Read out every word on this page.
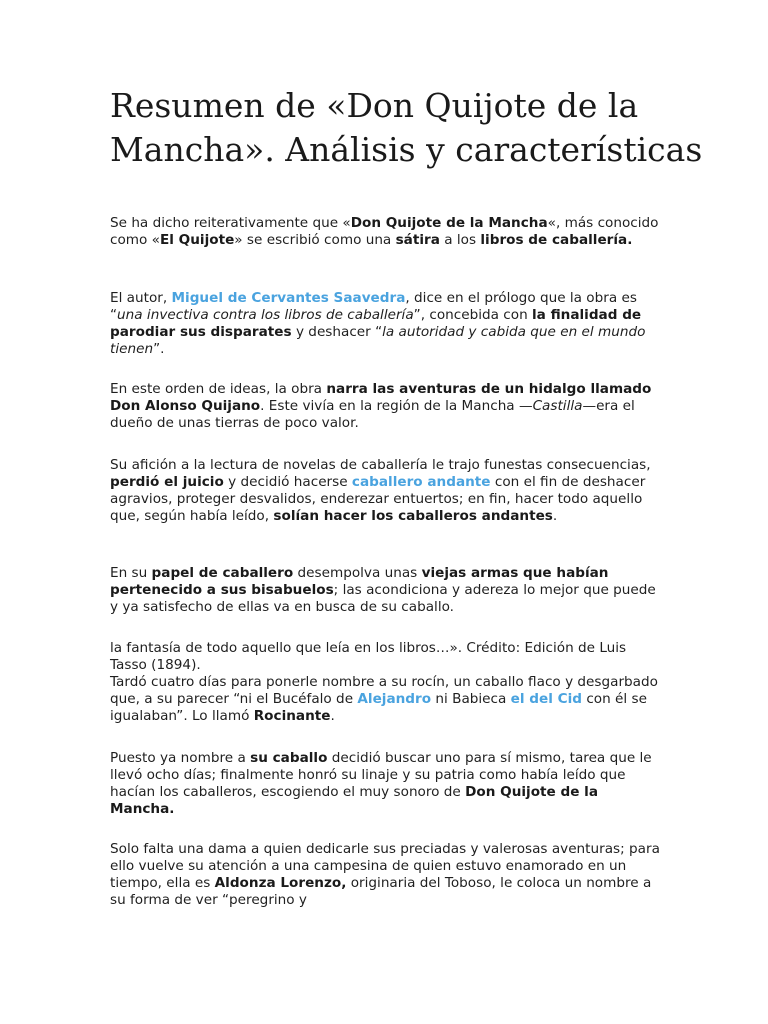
Resumen de «Don Quijote de la Mancha». Análisis y características

Se ha dicho reiterativamente que «Don Quijote de la Mancha«, más conocido como «El Quijote» se escribió como una sátira a los libros de caballería.

El autor, Miguel de Cervantes Saavedra, dice en el prólogo que la obra es “una invectiva contra los libros de caballería”, concebida con la finalidad de parodiar sus disparates y deshacer “la autoridad y cabida que en el mundo tienen”.

En este orden de ideas, la obra narra las aventuras de un hidalgo llamado Don Alonso Quijano. Este vivía en la región de la Mancha —Castilla—era el dueño de unas tierras de poco valor.

Su afición a la lectura de novelas de caballería le trajo funestas consecuencias, perdió el juicio y decidió hacerse caballero andante con el fin de deshacer agravios, proteger desvalidos, enderezar entuertos; en fin, hacer todo aquello que, según había leído, solían hacer los caballeros andantes.

En su papel de caballero desempolva unas viejas armas que habían pertenecido a sus bisabuelos; las acondiciona y adereza lo mejor que puede y ya satisfecho de ellas va en busca de su caballo.

la fantasía de todo aquello que leía en los libros…». Crédito: Edición de Luis Tasso (1894).
Tardó cuatro días para ponerle nombre a su rocín, un caballo flaco y desgarbado que, a su parecer “ni el Bucéfalo de Alejandro ni Babieca el del Cid con él se igualaban”. Lo llamó Rocinante.

Puesto ya nombre a su caballo decidió buscar uno para sí mismo, tarea que le llevó ocho días; finalmente honró su linaje y su patria como había leído que hacían los caballeros, escogiendo el muy sonoro de Don Quijote de la Mancha.

Solo falta una dama a quien dedicarle sus preciadas y valerosas aventuras; para ello vuelve su atención a una campesina de quien estuvo enamorado en un tiempo, ella es Aldonza Lorenzo, originaria del Toboso, le coloca un nombre a su forma de ver “peregrino y
